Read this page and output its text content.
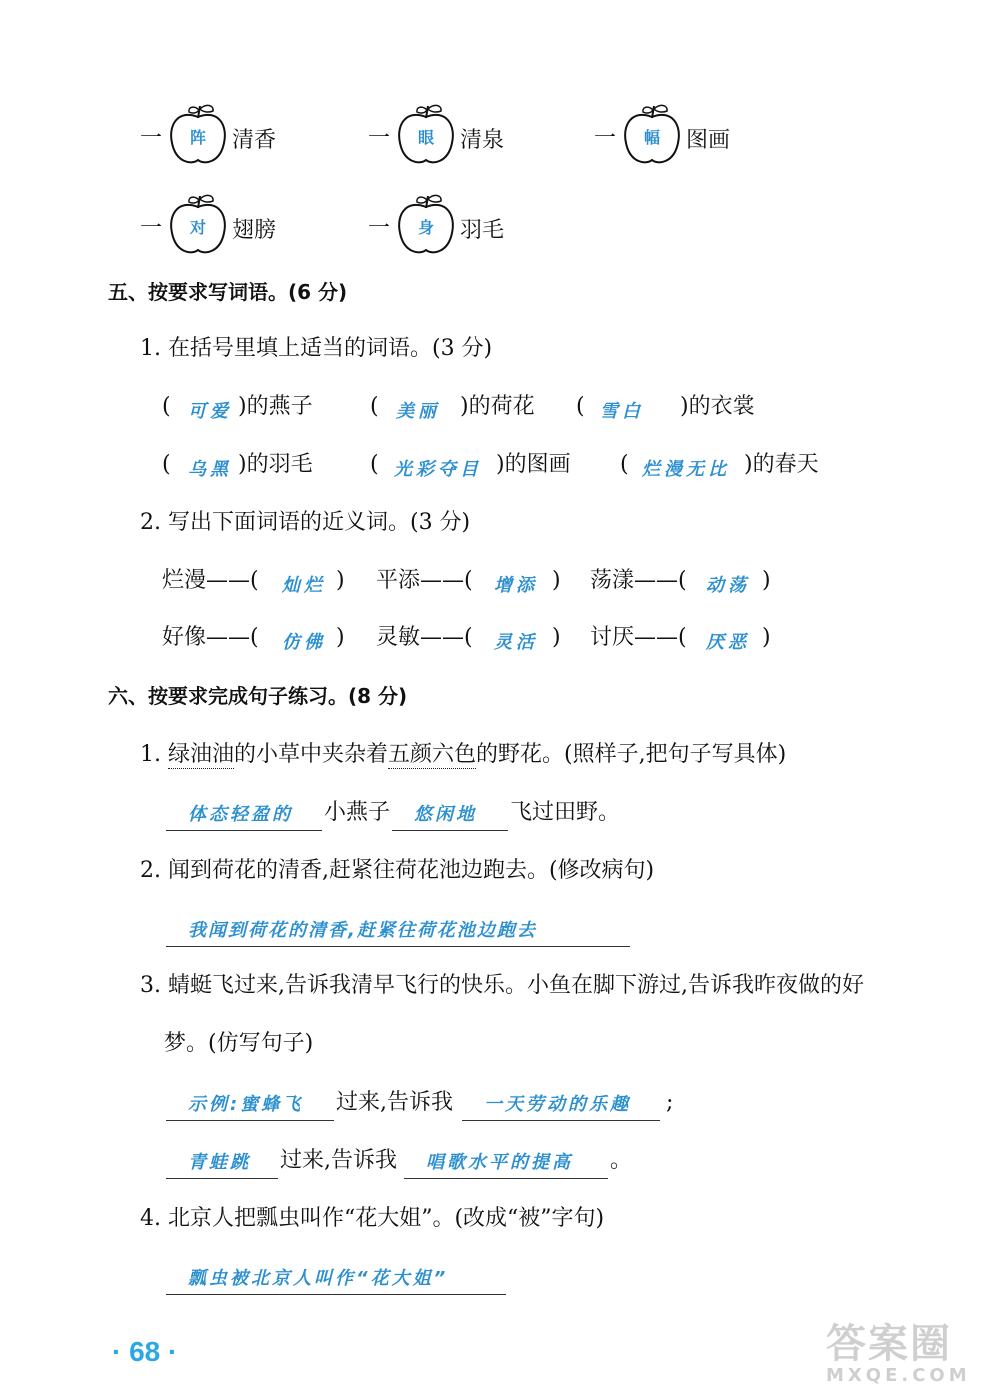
一	阵	清香	一	眼	清泉	一	幅	图画
一	对	翅膀	一	身	羽毛
五、按要求写词语。(6 分)
1. 在括号里填上适当的词语。(3 分)
( 可爱 )的燕子	( 美丽 )的荷花 ( 雪白 )的衣裳
( 乌黑 )的羽毛	( 光彩夺目 )的图画 ( 烂漫无比 )的春天
2. 写出下面词语的近义词。(3 分)
烂漫——( 灿烂 ) 平添——( 增添 ) 荡漾——( 动荡 )
好像——( 仿佛 ) 灵敏——( 灵活 ) 讨厌——( 厌恶 )
六、按要求完成句子练习。(8 分)
1. 绿油油的小草中夹杂着五颜六色的野花。(照样子,把句子写具体)
体态轻盈的	小燕子	悠闲地	飞过田野。
2. 闻到荷花的清香,赶紧往荷花池边跑去。(修改病句)
我闻到荷花的清香,赶紧往荷花池边跑去
3. 蜻蜓飞过来,告诉我清早飞行的快乐。小鱼在脚下游过,告诉我昨夜做的好
梦。(仿写句子)
示例:蜜蜂飞	过来,告诉我	一天劳动的乐趣	;
青蛙跳	过来,告诉我	唱歌水平的提高	。
4. 北京人把瓢虫叫作“花大姐”。(改成“被”字句)
瓢虫被北京人叫作“花大姐”
· 68 ·	答案圈
MXQE.COM
